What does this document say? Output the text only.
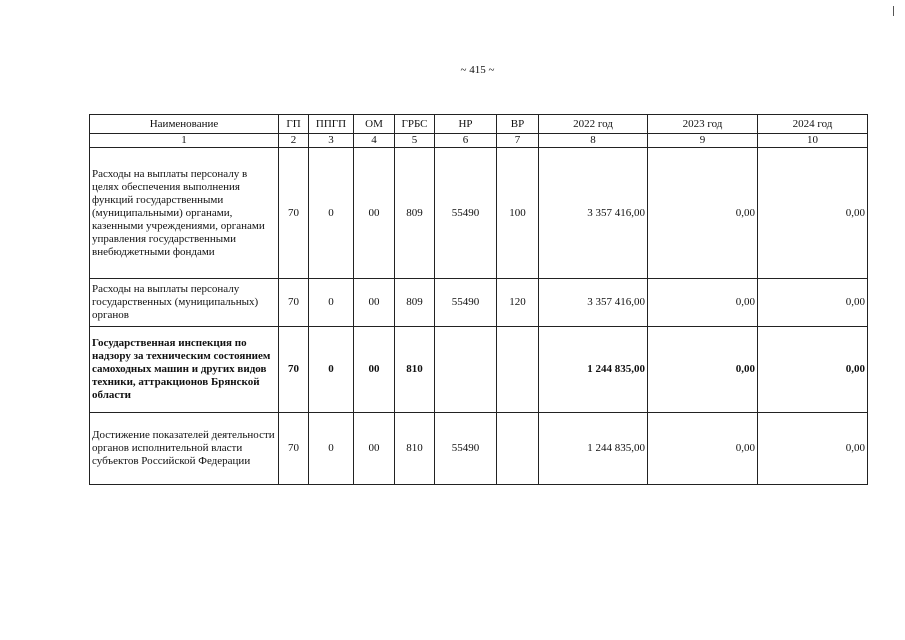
~ 415 ~
Наименование	ГП	ППГП	ОМ	ГРБС	НР	ВР	2022 год	2023 год	2024 год
1	2	3	4	5	6	7	8	9	10
Расходы на выплаты персоналу в целях обеспечения выполнения функций государственными (муниципальными) органами, казенными учреждениями, органами управления государственными внебюджетными фондами	70	0	00	809	55490	100	3 357 416,00	0,00	0,00
Расходы на выплаты персоналу государственных (муниципальных) органов	70	0	00	809	55490	120	3 357 416,00	0,00	0,00
Государственная инспекция по надзору за техническим состоянием самоходных машин и других видов техники, аттракционов Брянской области	70	0	00	810			1 244 835,00	0,00	0,00
Достижение показателей деятельности органов исполнительной власти субъектов Российской Федерации	70	0	00	810	55490		1 244 835,00	0,00	0,00
